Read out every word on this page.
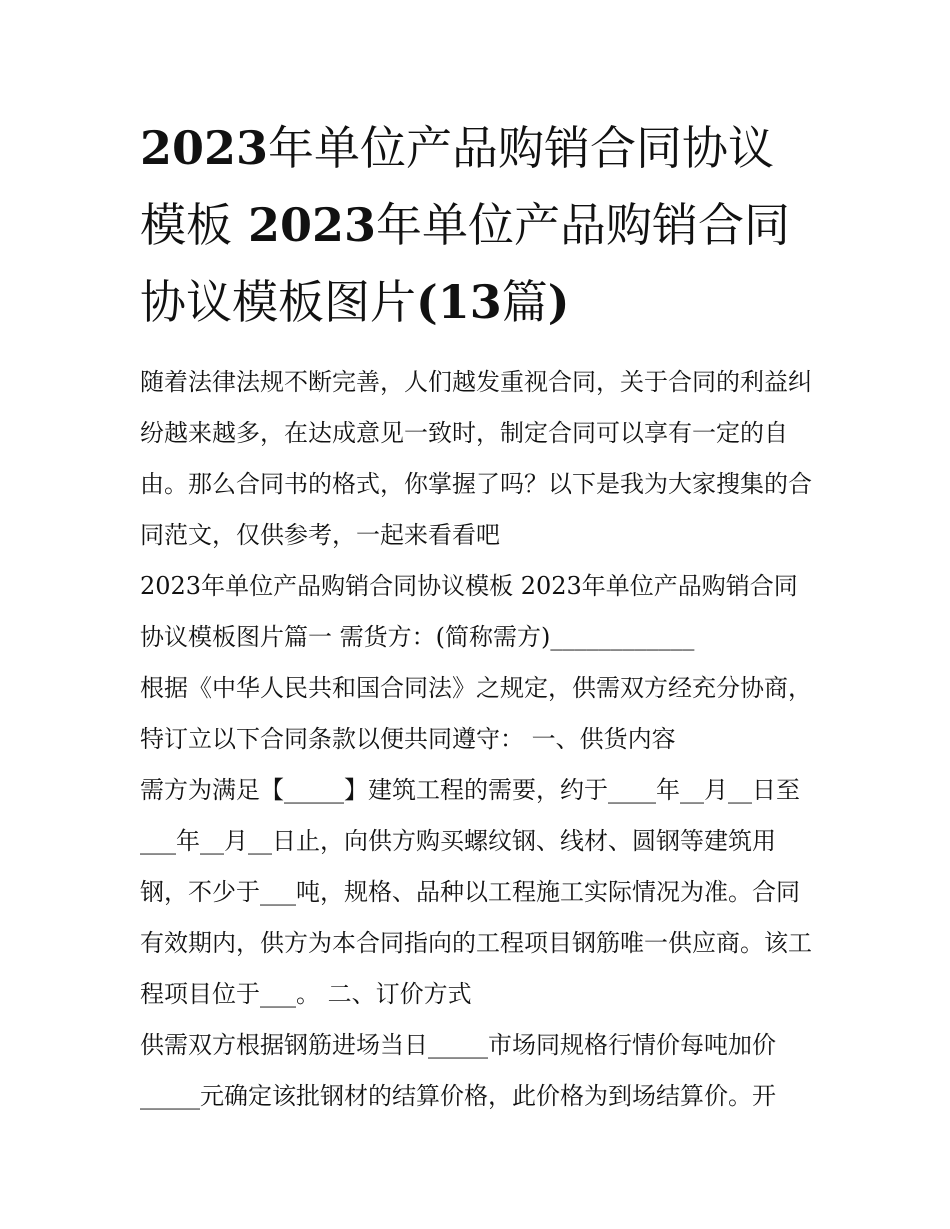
2023年单位产品购销合同协议模板 2023年单位产品购销合同协议模板图片(13篇)

随着法律法规不断完善，人们越发重视合同，关于合同的利益纠纷越来越多，在达成意见一致时，制定合同可以享有一定的自由。那么合同书的格式，你掌握了吗？以下是我为大家搜集的合同范文，仅供参考，一起来看看吧

2023年单位产品购销合同协议模板 2023年单位产品购销合同协议模板图片篇一 需货方：(简称需方)____________

根据《中华人民共和国合同法》之规定，供需双方经充分协商，特订立以下合同条款以便共同遵守： 一、供货内容

需方为满足【_____】建筑工程的需要，约于____年__月__日至___年__月__日止，向供方购买螺纹钢、线材、圆钢等建筑用钢，不少于___吨，规格、品种以工程施工实际情况为准。合同有效期内，供方为本合同指向的工程项目钢筋唯一供应商。该工程项目位于___。 二、订价方式

供需双方根据钢筋进场当日_____市场同规格行情价每吨加价_____元确定该批钢材的结算价格，此价格为到场结算价。开
